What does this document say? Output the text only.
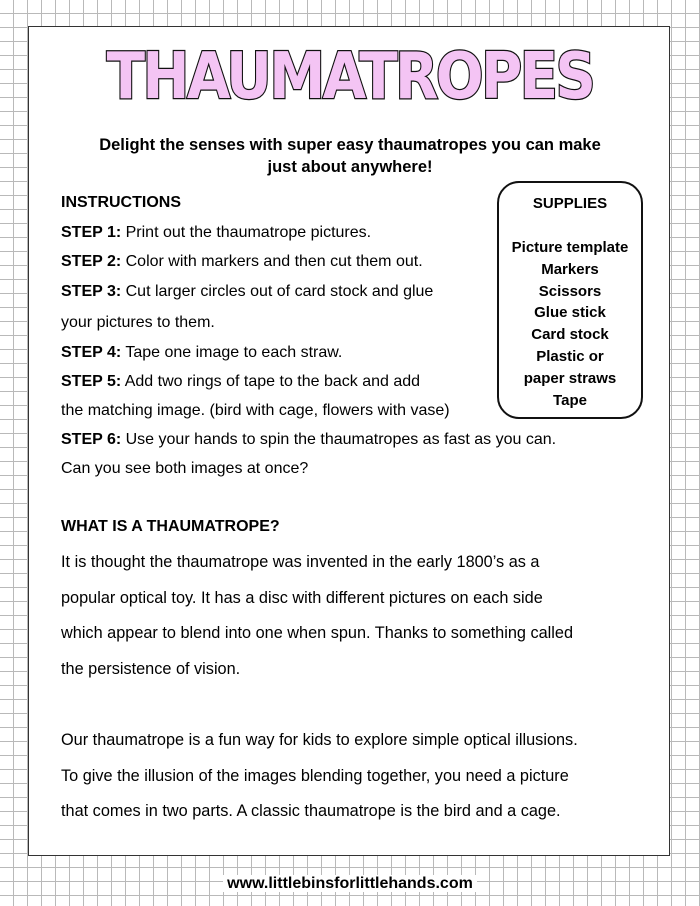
THAUMATROPES

Delight the senses with super easy thaumatropes you can make
just about anywhere!

INSTRUCTIONS

STEP 1: Print out the thaumatrope pictures.

STEP 2: Color with markers and then cut them out.

STEP 3: Cut larger circles out of card stock and glue

your pictures to them.

STEP 4: Tape one image to each straw.

STEP 5: Add two rings of tape to the back and add

the matching image. (bird with cage, flowers with vase)

STEP 6: Use your hands to spin the thaumatropes as fast as you can.

Can you see both images at once?

SUPPLIES
Picture template
Markers
Scissors
Glue stick
Card stock
Plastic or
paper straws
Tape
WHAT IS A THAUMATROPE?

It is thought the thaumatrope was invented in the early 1800’s as a
popular optical toy. It has a disc with different pictures on each side
which appear to blend into one when spun. Thanks to something called
the persistence of vision.

Our thaumatrope is a fun way for kids to explore simple optical illusions.
To give the illusion of the images blending together, you need a picture
that comes in two parts. A classic thaumatrope is the bird and a cage.

www.littlebinsforlittlehands.com
